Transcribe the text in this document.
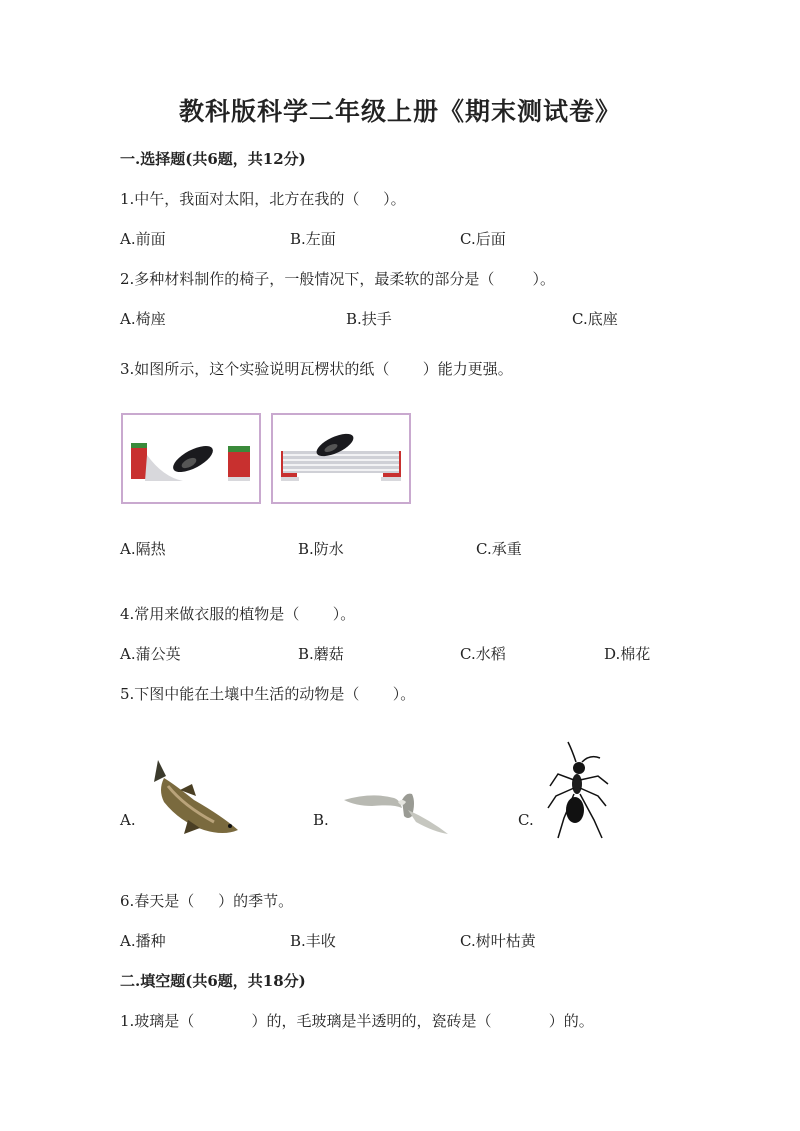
教科版科学二年级上册《期末测试卷》
一.选择题(共6题，共12分)
1.中午，我面对太阳，北方在我的（     ）。
A.前面	B.左面	C.后面
2.多种材料制作的椅子，一般情况下，最柔软的部分是（        ）。
A.椅座	B.扶手	C.底座
3.如图所示，这个实验说明瓦楞状的纸（       ）能力更强。
A.隔热	B.防水	C.承重
4.常用来做衣服的植物是（       ）。
A.蒲公英	B.蘑菇	C.水稻	D.棉花
5.下图中能在土壤中生活的动物是（       ）。
A.	B.	C.
6.春天是（     ）的季节。
A.播种	B.丰收	C.树叶枯黄
二.填空题(共6题，共18分)
1.玻璃是（            ）的，毛玻璃是半透明的，瓷砖是（            ）的。
